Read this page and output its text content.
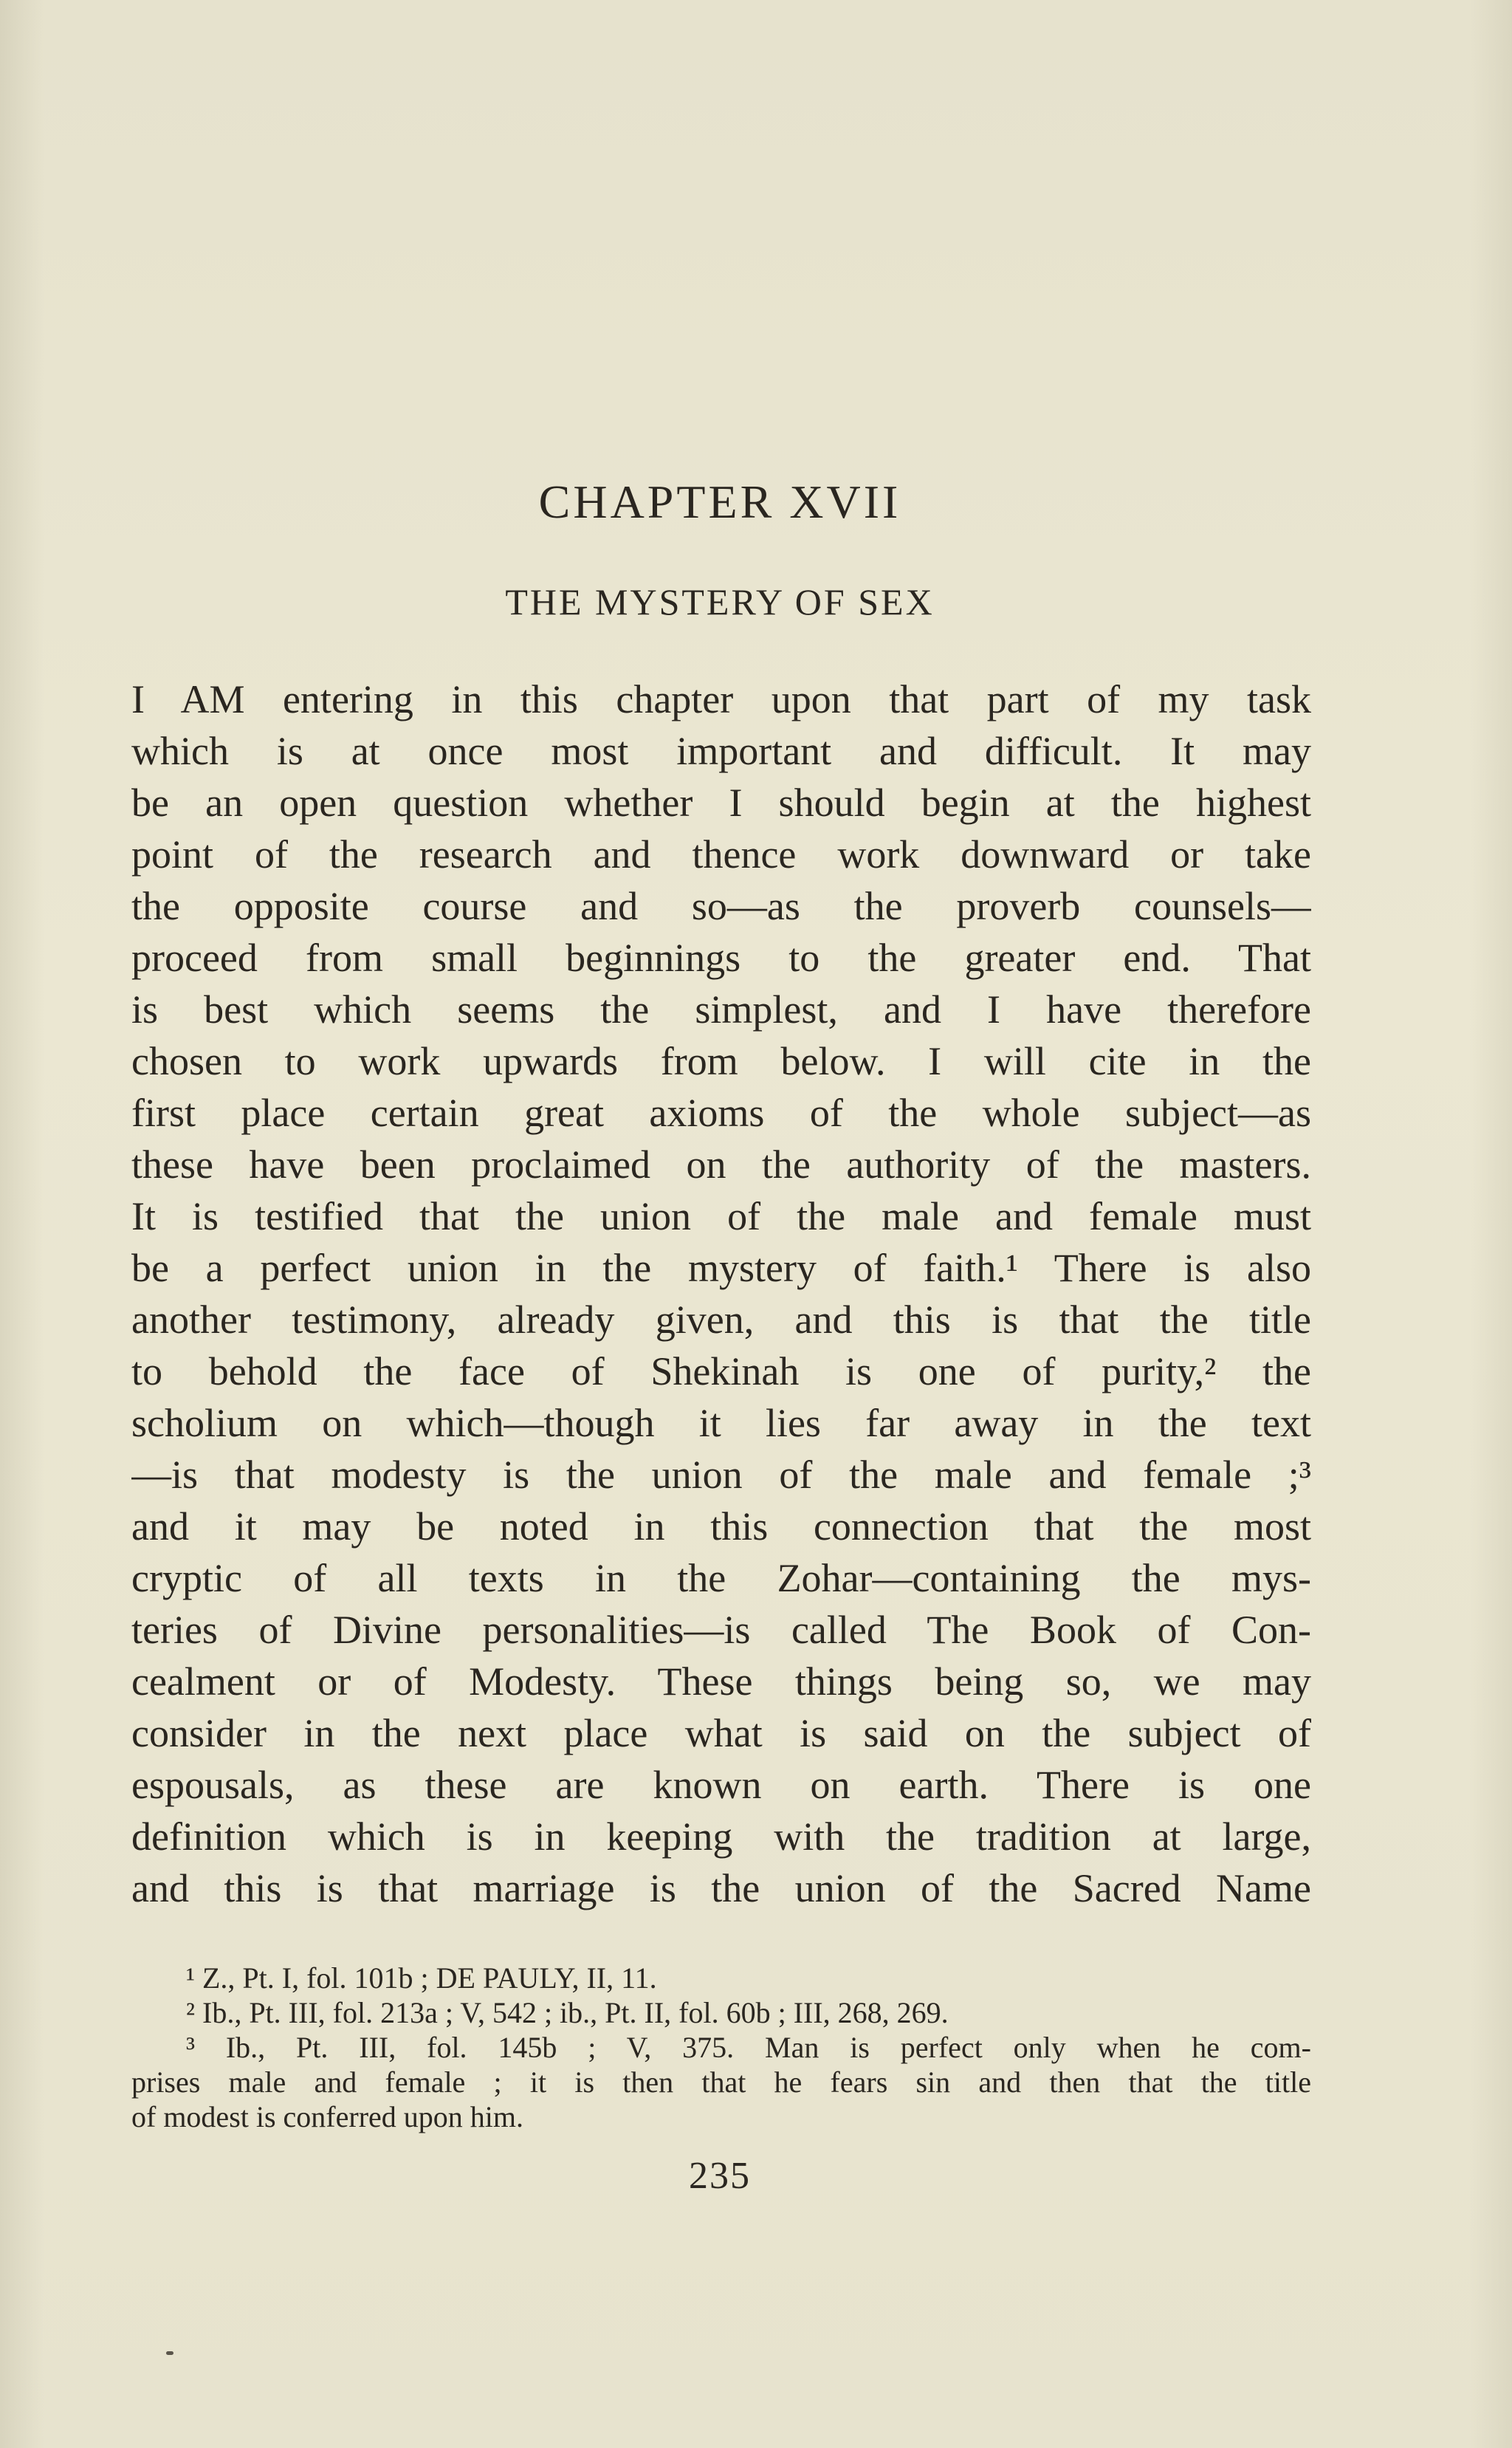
CHAPTER XVII
THE MYSTERY OF SEX
I AM entering in this chapter upon that part of my task
which is at once most important and difficult. It may
be an open question whether I should begin at the highest
point of the research and thence work downward or take
the opposite course and so—as the proverb counsels—
proceed from small beginnings to the greater end. That
is best which seems the simplest, and I have therefore
chosen to work upwards from below. I will cite in the
first place certain great axioms of the whole subject—as
these have been proclaimed on the authority of the masters.
It is testified that the union of the male and female must
be a perfect union in the mystery of faith.¹ There is also
another testimony, already given, and this is that the title
to behold the face of Shekinah is one of purity,² the
scholium on which—though it lies far away in the text
—is that modesty is the union of the male and female ;³
and it may be noted in this connection that the most
cryptic of all texts in the Zohar—containing the mys-
teries of Divine personalities—is called The Book of Con-
cealment or of Modesty. These things being so, we may
consider in the next place what is said on the subject of
espousals, as these are known on earth. There is one
definition which is in keeping with the tradition at large,
and this is that marriage is the union of the Sacred Name
¹ Z., Pt. I, fol. 101b ; DE PAULY, II, 11.
² Ib., Pt. III, fol. 213a ; V, 542 ; ib., Pt. II, fol. 60b ; III, 268, 269.
³ Ib., Pt. III, fol. 145b ; V, 375. Man is perfect only when he com-
prises male and female ; it is then that he fears sin and then that the title
of modest is conferred upon him.
235
